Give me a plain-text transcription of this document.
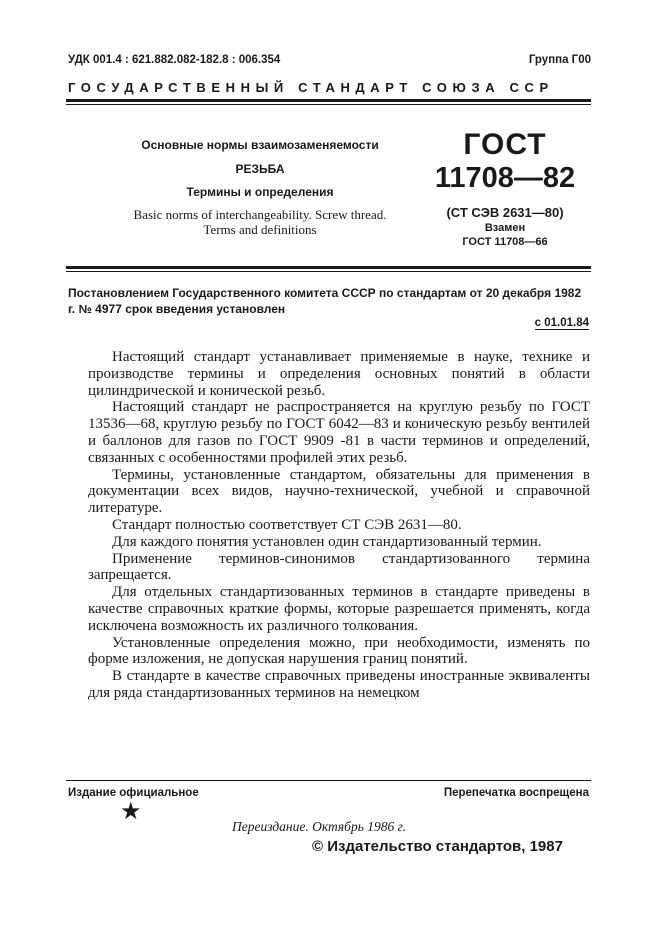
УДК 001.4 : 621.882.082-182.8 : 006.354	Группа Г00
ГОСУДАРСТВЕННЫЙ СТАНДАРТ СОЮЗА ССР
Основные нормы взаимозаменяемости
РЕЗЬБА
Термины и определения
Basic norms of interchangeability. Screw thread.
Terms and definitions
ГОСТ
11708—82
(СТ СЭВ 2631—80)
Взамен
ГОСТ 11708—66
Постановлением Государственного комитета СССР по стандартам от 20 декабря 1982 г. № 4977 срок введения установлен
с 01.01.84

Настоящий стандарт устанавливает применяемые в науке, технике и производстве термины и определения основных понятий в области цилиндрической и конической резьб.

Настоящий стандарт не распространяется на круглую резьбу по ГОСТ 13536—68, круглую резьбу по ГОСТ 6042—83 и коническую резьбу вентилей и баллонов для газов по ГОСТ 9909 -81 в части терминов и определений, связанных с особенностями профилей этих резьб.

Термины, установленные стандартом, обязательны для применения в документации всех видов, научно-технической, учебной и справочной литературе.

Стандарт полностью соответствует СТ СЭВ 2631—80.

Для каждого понятия установлен один стандартизованный термин.

Применение терминов-синонимов стандартизованного термина запрещается.

Для отдельных стандартизованных терминов в стандарте приведены в качестве справочных краткие формы, которые разрешается применять, когда исключена возможность их различного толкования.

Установленные определения можно, при необходимости, изменять по форме изложения, не допуская нарушения границ понятий.

В стандарте в качестве справочных приведены иностранные эквиваленты для ряда стандартизованных терминов на немецком

Издание официальное	Перепечатка воспрещена
★
Переиздание. Октябрь 1986 г.
© Издательство стандартов, 1987
